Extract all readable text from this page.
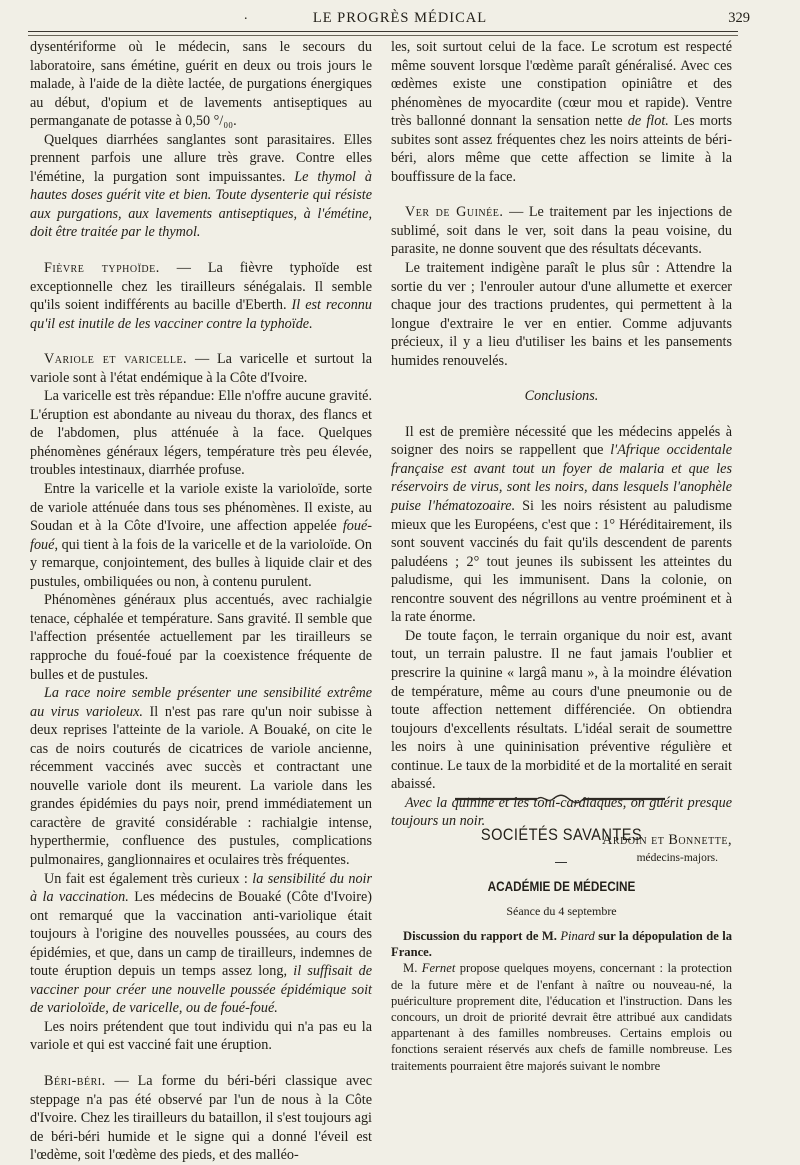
.	LE PROGRÈS MÉDICAL	329

dysentériforme où le médecin, sans le secours du laboratoire, sans émétine, guérit en deux ou trois jours le malade, à l'aide de la diète lactée, de purgations énergiques au début, d'opium et de lavements antiseptiques au permanganate de potasse à 0,50 °/₀₀.

Quelques diarrhées sanglantes sont parasitaires. Elles prennent parfois une allure très grave. Contre elles l'émétine, la purgation sont impuissantes. Le thymol à hautes doses guérit vite et bien. Toute dysenterie qui résiste aux purgations, aux lavements antiseptiques, à l'émétine, doit être traitée par le thymol.

Fièvre typhoïde. — La fièvre typhoïde est exceptionnelle chez les tirailleurs sénégalais. Il semble qu'ils soient indifférents au bacille d'Eberth. Il est reconnu qu'il est inutile de les vacciner contre la typhoïde.

Variole et varicelle. — La varicelle et surtout la variole sont à l'état endémique à la Côte d'Ivoire.

La varicelle est très répandue: Elle n'offre aucune gravité. L'éruption est abondante au niveau du thorax, des flancs et de l'abdomen, plus atténuée à la face. Quelques phénomènes généraux légers, température très peu élevée, troubles intestinaux, diarrhée profuse.

Entre la varicelle et la variole existe la varioloïde, sorte de variole atténuée dans tous ses phénomènes. Il existe, au Soudan et à la Côte d'Ivoire, une affection appelée foué-foué, qui tient à la fois de la varicelle et de la varioloïde. On y remarque, conjointement, des bulles à liquide clair et des pustules, ombiliquées ou non, à contenu purulent.

Phénomènes généraux plus accentués, avec rachialgie tenace, céphalée et température. Sans gravité. Il semble que l'affection présentée actuellement par les tirailleurs se rapproche du foué-foué par la coexistence fréquente de bulles et de pustules.

La race noire semble présenter une sensibilité extrême au virus varioleux. Il n'est pas rare qu'un noir subisse à deux reprises l'atteinte de la variole. A Bouaké, on cite le cas de noirs couturés de cicatrices de variole ancienne, récemment vaccinés avec succès et contractant une nouvelle variole dont ils meurent. La variole dans les grandes épidémies du pays noir, prend immédiatement un caractère de gravité considérable : rachialgie intense, hyperthermie, confluence des pustules, complications pulmonaires, ganglionnaires et oculaires très fréquentes.

Un fait est également très curieux : la sensibilité du noir à la vaccination. Les médecins de Bouaké (Côte d'Ivoire) ont remarqué que la vaccination anti-variolique était toujours à l'origine des nouvelles poussées, au cours des épidémies, et que, dans un camp de tirailleurs, indemnes de toute éruption depuis un temps assez long, il suffisait de vacciner pour créer une nouvelle poussée épidémique soit de varioloïde, de varicelle, ou de foué-foué.

Les noirs prétendent que tout individu qui n'a pas eu la variole et qui est vacciné fait une éruption.

Béri-béri. — La forme du béri-béri classique avec steppage n'a pas été observé par l'un de nous à la Côte d'Ivoire. Chez les tirailleurs du bataillon, il s'est toujours agi de béri-béri humide et le signe qui a donné l'éveil est l'œdème, soit l'œdème des pieds, et des malléo-

les, soit surtout celui de la face. Le scrotum est respecté même souvent lorsque l'œdème paraît généralisé. Avec ces œdèmes existe une constipation opiniâtre et des phénomènes de myocardite (cœur mou et rapide). Ventre très ballonné donnant la sensation nette de flot. Les morts subites sont assez fréquentes chez les noirs atteints de béri-béri, alors même que cette affection se limite à la bouffissure de la face.

Ver de Guinée. — Le traitement par les injections de sublimé, soit dans le ver, soit dans la peau voisine, du parasite, ne donne souvent que des résultats décevants.

Le traitement indigène paraît le plus sûr : Attendre la sortie du ver ; l'enrouler autour d'une allumette et exercer chaque jour des tractions prudentes, qui permettent à la longue d'extraire le ver en entier. Comme adjuvants précieux, il y a lieu d'utiliser les bains et les pansements humides renouvelés.

Conclusions.

Il est de première nécessité que les médecins appelés à soigner des noirs se rappellent que l'Afrique occidentale française est avant tout un foyer de malaria et que les réservoirs de virus, sont les noirs, dans lesquels l'anophèle puise l'hématozoaire. Si les noirs résistent au paludisme mieux que les Européens, c'est que : 1° Héréditairement, ils sont souvent vaccinés du fait qu'ils descendent de parents paludéens ; 2° tout jeunes ils subissent les atteintes du paludisme, qui les immunisent. Dans la colonie, on rencontre souvent des négrillons au ventre proéminent et à la rate énorme.

De toute façon, le terrain organique du noir est, avant tout, un terrain palustre. Il ne faut jamais l'oublier et prescrire la quinine « largâ manu », à la moindre élévation de température, même au cours d'une pneumonie ou de toute affection nettement différenciée. On obtiendra toujours d'excellents résultats. L'idéal serait de soumettre les noirs à une quininisation préventive régulière et continue. Le taux de la morbidité et de la mortalité en serait abaissé.

Avec la quinine et les toni-cardiaques, on guérit presque toujours un noir.

Ardoin et Bonnette,

médecins-majors.

SOCIÉTÉS SAVANTES
ACADÉMIE DE MÉDECINE
Séance du 4 septembre

Discussion du rapport de M. Pinard sur la dépopulation de la France.

M. Fernet propose quelques moyens, concernant : la protection de la future mère et de l'enfant à naître ou nouveau-né, la puériculture proprement dite, l'éducation et l'instruction. Dans les concours, un droit de priorité devrait être attribué aux candidats appartenant à des familles nombreuses. Certains emplois ou fonctions seraient réservés aux chefs de famille nombreuse. Les traitements pourraient être majorés suivant le nombre
